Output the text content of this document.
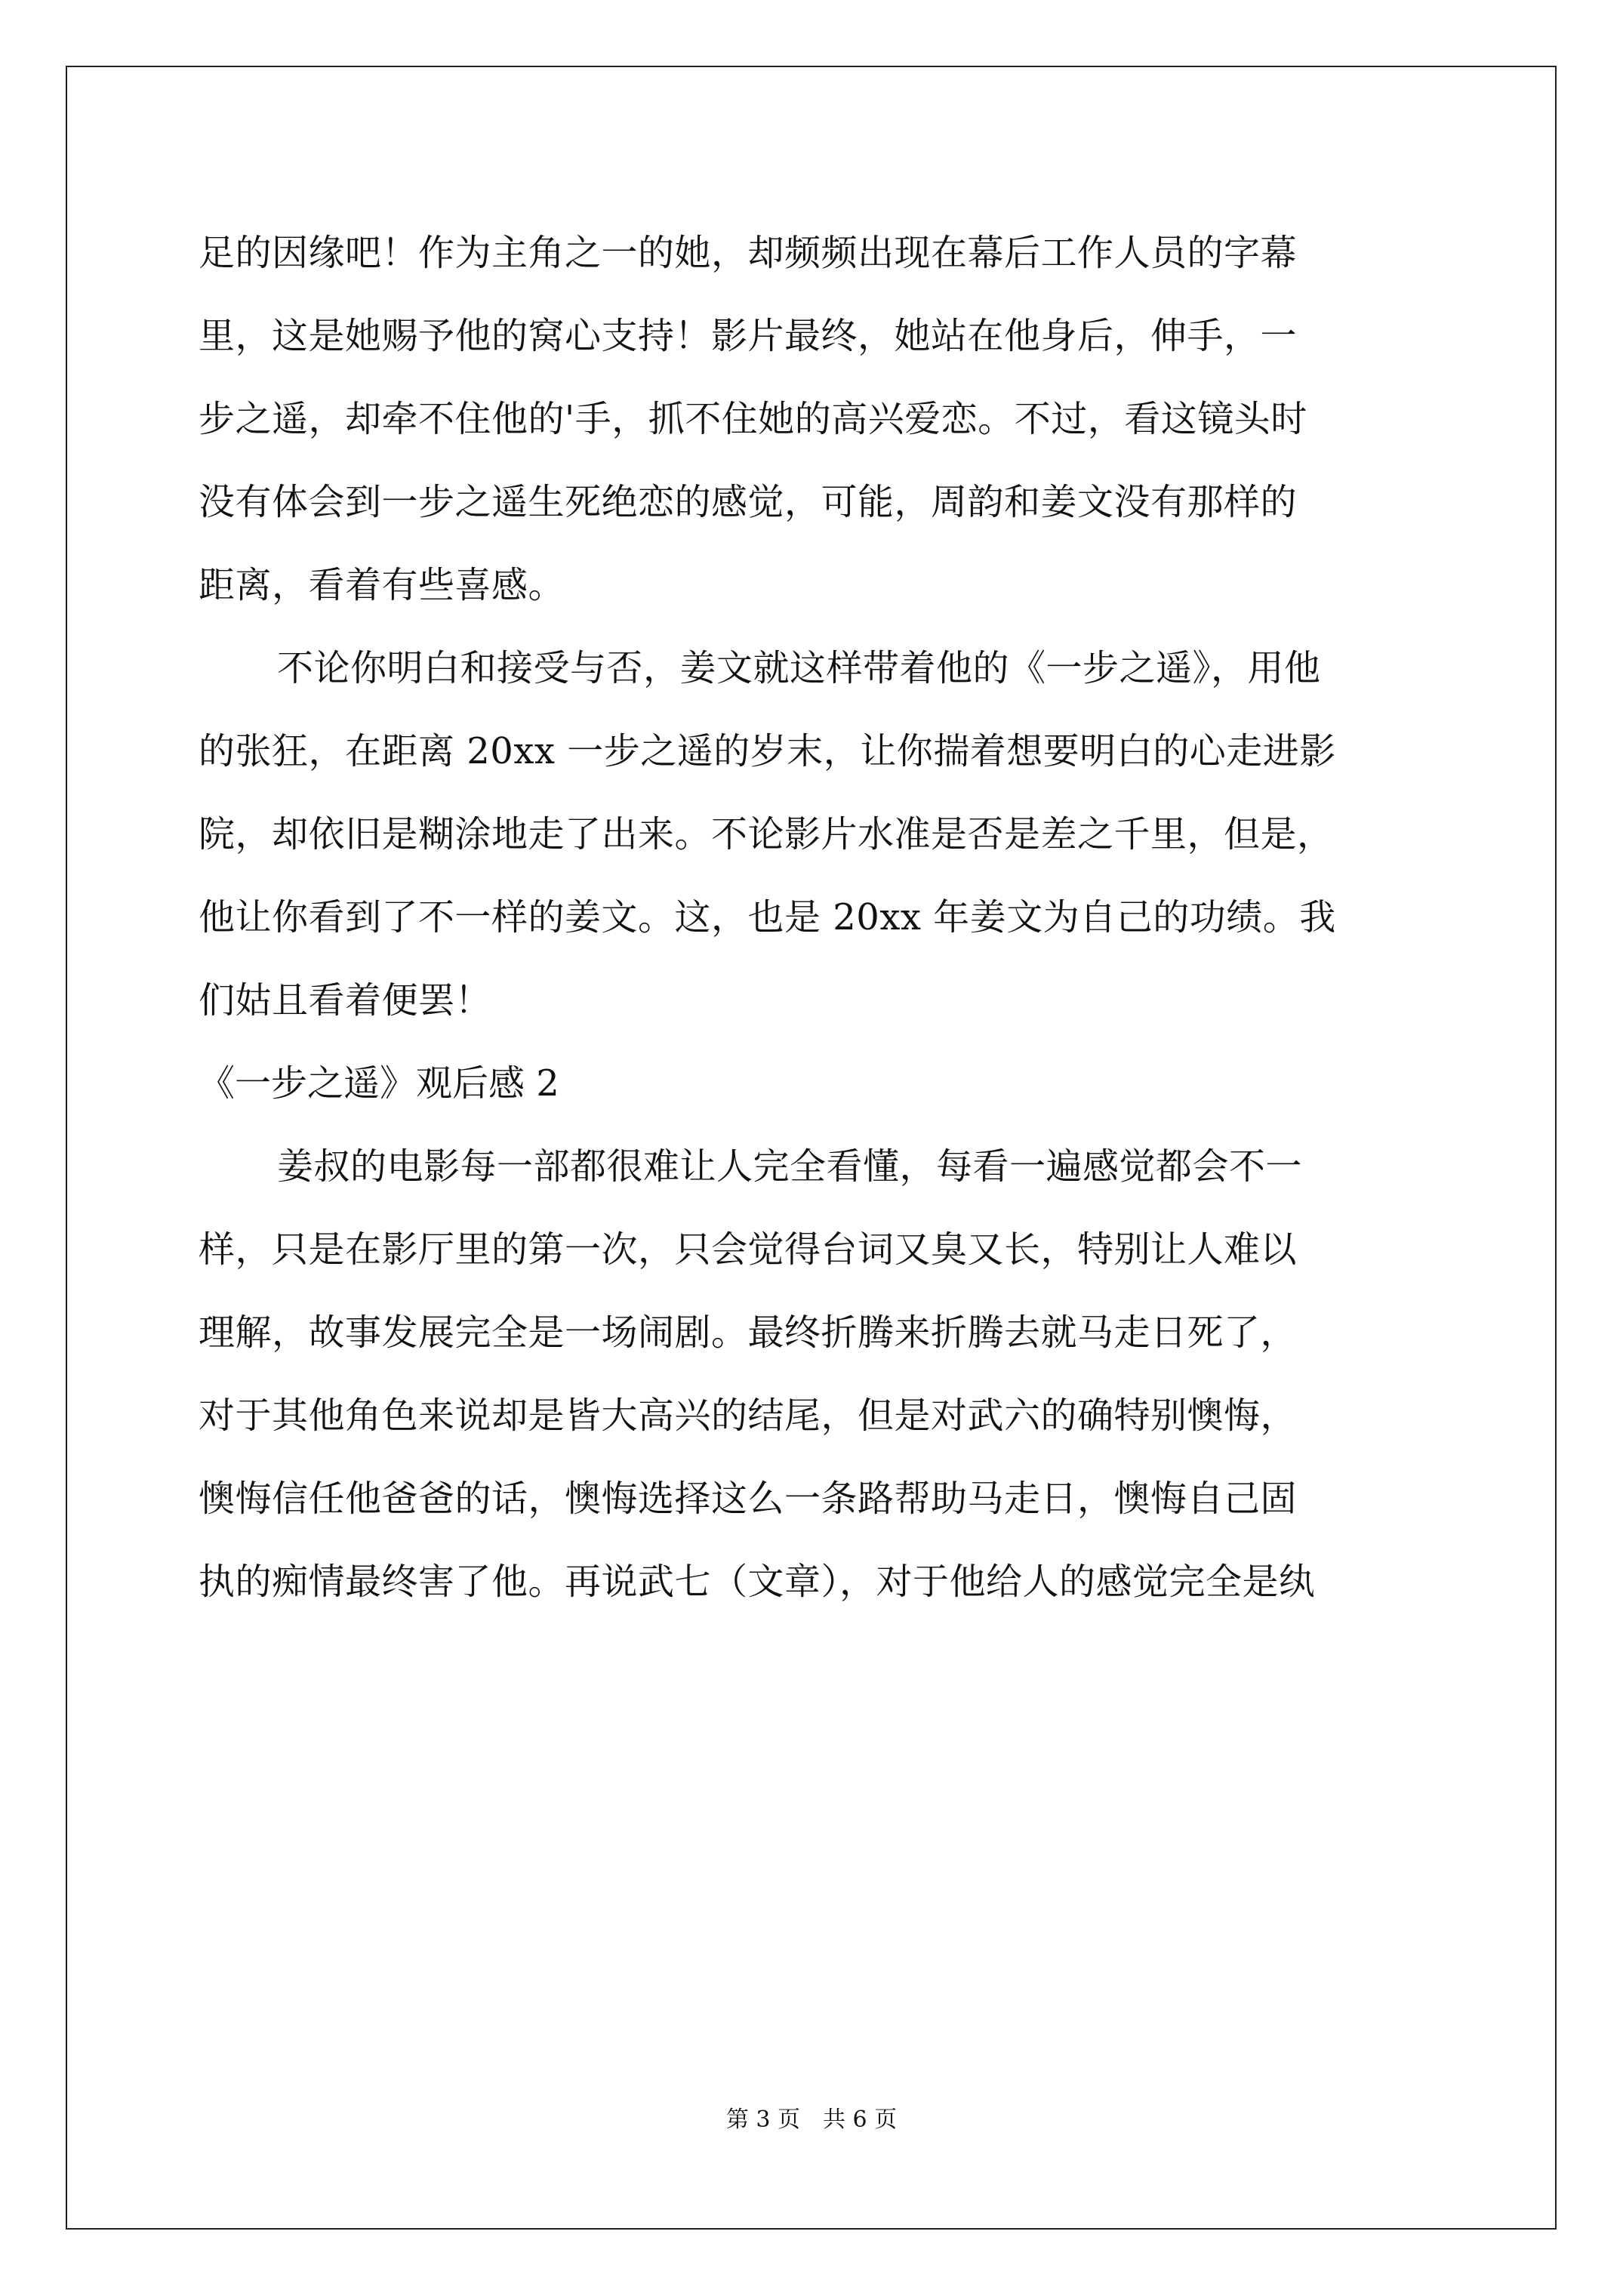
足的因缘吧！作为主角之一的她，却频频出现在幕后工作人员的字幕
里，这是她赐予他的窝心支持！影片最终，她站在他身后，伸手，一
步之遥，却牵不住他的'手，抓不住她的高兴爱恋。不过，看这镜头时
没有体会到一步之遥生死绝恋的感觉，可能，周韵和姜文没有那样的
距离，看着有些喜感。
不论你明白和接受与否，姜文就这样带着他的《一步之遥》，用他
的张狂，在距离 20xx 一步之遥的岁末，让你揣着想要明白的心走进影
院，却依旧是糊涂地走了出来。不论影片水准是否是差之千里，但是，
他让你看到了不一样的姜文。这，也是 20xx 年姜文为自己的功绩。我
们姑且看着便罢！
《一步之遥》观后感 2
姜叔的电影每一部都很难让人完全看懂，每看一遍感觉都会不一
样，只是在影厅里的第一次，只会觉得台词又臭又长，特别让人难以
理解，故事发展完全是一场闹剧。最终折腾来折腾去就马走日死了，
对于其他角色来说却是皆大高兴的结尾，但是对武六的确特别懊悔，
懊悔信任他爸爸的话，懊悔选择这么一条路帮助马走日，懊悔自己固
执的痴情最终害了他。再说武七（文章），对于他给人的感觉完全是纨
第 3 页　共 6 页
